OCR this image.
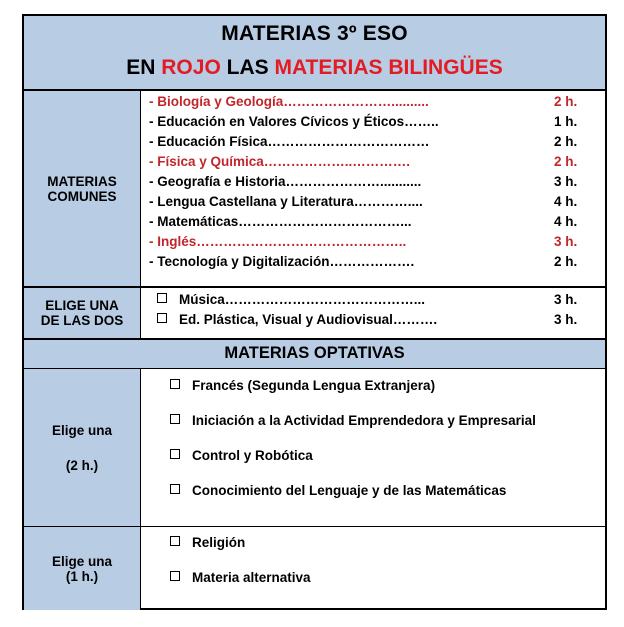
MATERIAS 3º ESO
EN ROJO LAS MATERIAS BILINGÜES
MATERIAS
COMUNES
- Biología y Geología……………………..........	2 h.
- Educación en Valores Cívicos y Éticos……..	1 h.
- Educación Física………………………………	2 h.
- Física y Química………………..………….	2 h.
- Geografía e Historia…………………...........	3 h.
- Lengua Castellana y Literatura…………....	4 h.
- Matemáticas………………………………...	4 h.
- Inglés………………………………………..	3 h.
- Tecnología y Digitalización……………….	2 h.
ELIGE UNA
DE LAS DOS
Música……………………………………...	3 h.
Ed. Plástica, Visual y Audiovisual……….	3 h.
MATERIAS OPTATIVAS
Elige una
(2 h.)
Francés (Segunda Lengua Extranjera)
Iniciación a la Actividad Emprendedora y Empresarial
Control y Robótica
Conocimiento del Lenguaje y de las Matemáticas
Elige una
(1 h.)
Religión
Materia alternativa
